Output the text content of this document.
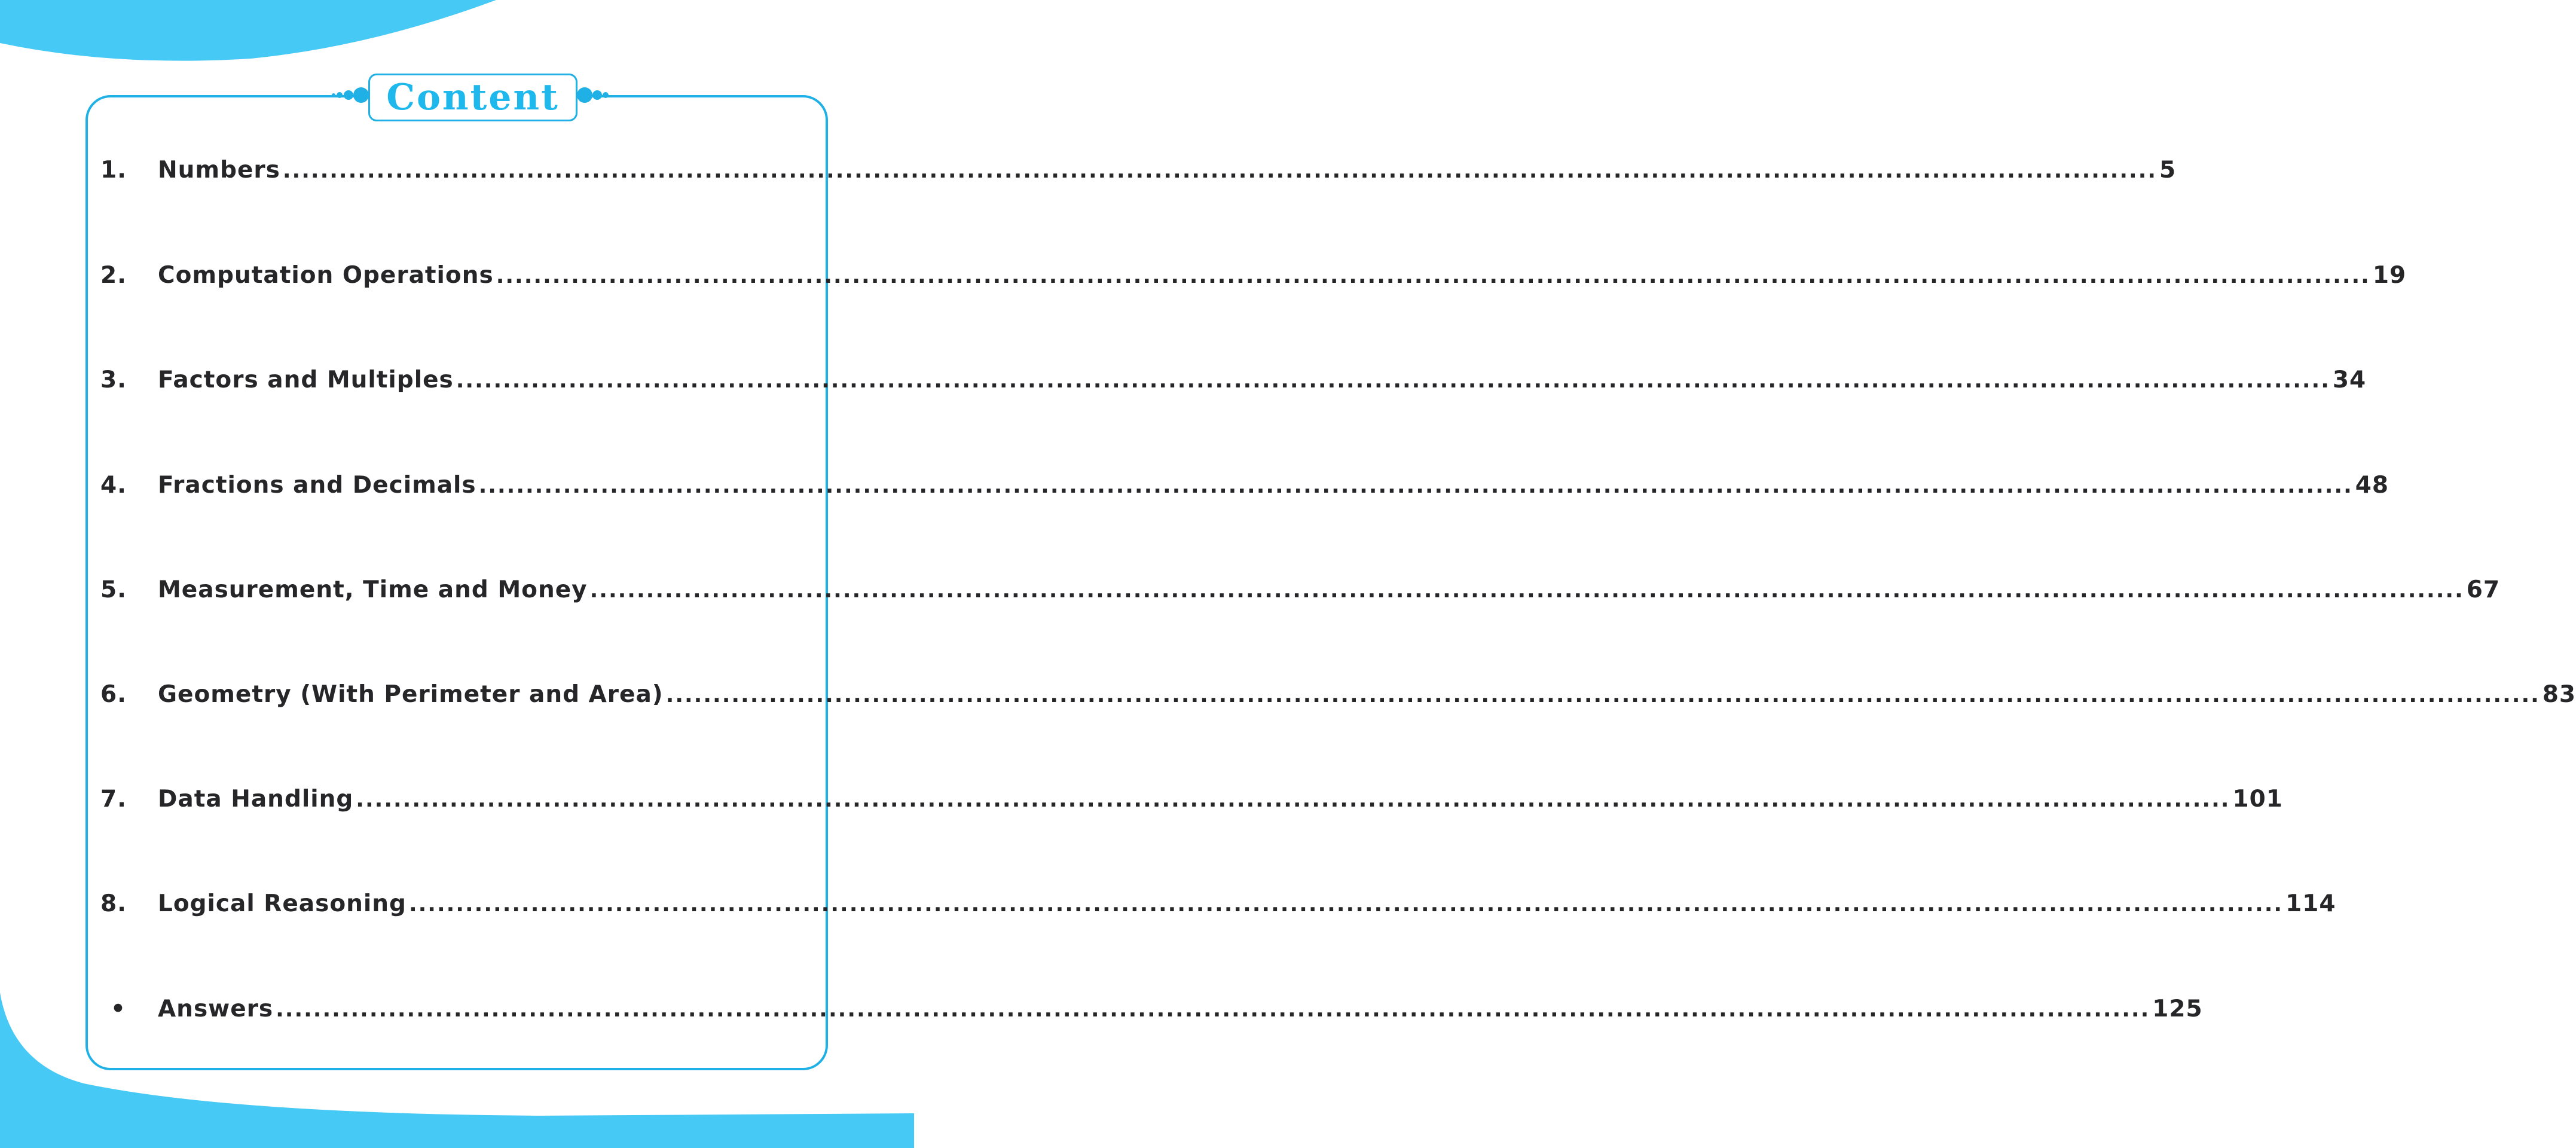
Content
1.	Numbers ........................................................................................................................................................................................................ 5
2.	Computation Operations ........................................................................................................................................................................................................ 19
3.	Factors and Multiples ........................................................................................................................................................................................................ 34
4.	Fractions and Decimals ........................................................................................................................................................................................................ 48
5.	Measurement, Time and Money ........................................................................................................................................................................................................ 67
6.	Geometry (With Perimeter and Area) ........................................................................................................................................................................................................ 83
7.	Data Handling ........................................................................................................................................................................................................ 101
8.	Logical Reasoning ........................................................................................................................................................................................................ 114
•	Answers ........................................................................................................................................................................................................ 125
